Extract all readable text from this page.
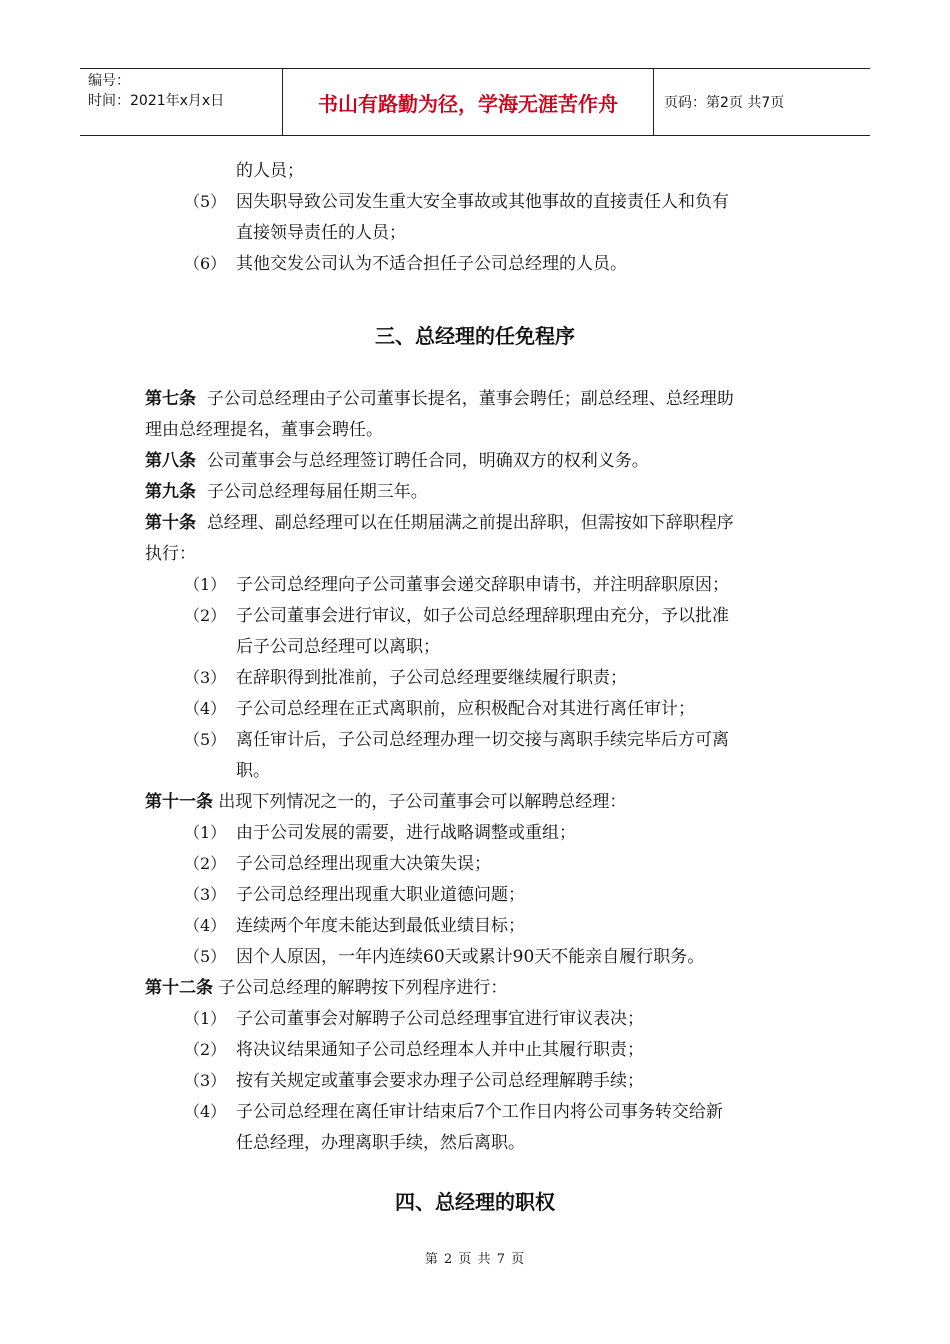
编号：
时间：2021年x月x日	书山有路勤为径，学海无涯苦作舟	页码：第2页 共7页
的人员；
（5） 因失职导致公司发生重大安全事故或其他事故的直接责任人和负有
直接领导责任的人员；
（6） 其他交发公司认为不适合担任子公司总经理的人员。
三、总经理的任免程序
第七条 子公司总经理由子公司董事长提名，董事会聘任；副总经理、总经理助
理由总经理提名，董事会聘任。
第八条 公司董事会与总经理签订聘任合同，明确双方的权利义务。
第九条 子公司总经理每届任期三年。
第十条 总经理、副总经理可以在任期届满之前提出辞职，但需按如下辞职程序
执行：
（1） 子公司总经理向子公司董事会递交辞职申请书，并注明辞职原因；
（2） 子公司董事会进行审议，如子公司总经理辞职理由充分，予以批准
后子公司总经理可以离职；
（3） 在辞职得到批准前，子公司总经理要继续履行职责；
（4） 子公司总经理在正式离职前，应积极配合对其进行离任审计；
（5） 离任审计后，子公司总经理办理一切交接与离职手续完毕后方可离
职。
第十一条 出现下列情况之一的，子公司董事会可以解聘总经理：
（1） 由于公司发展的需要，进行战略调整或重组；
（2） 子公司总经理出现重大决策失误；
（3） 子公司总经理出现重大职业道德问题；
（4） 连续两个年度未能达到最低业绩目标；
（5） 因个人原因，一年内连续60天或累计90天不能亲自履行职务。
第十二条 子公司总经理的解聘按下列程序进行：
（1） 子公司董事会对解聘子公司总经理事宜进行审议表决；
（2） 将决议结果通知子公司总经理本人并中止其履行职责；
（3） 按有关规定或董事会要求办理子公司总经理解聘手续；
（4） 子公司总经理在离任审计结束后7个工作日内将公司事务转交给新
任总经理，办理离职手续，然后离职。
四、总经理的职权
第 2 页 共 7 页
